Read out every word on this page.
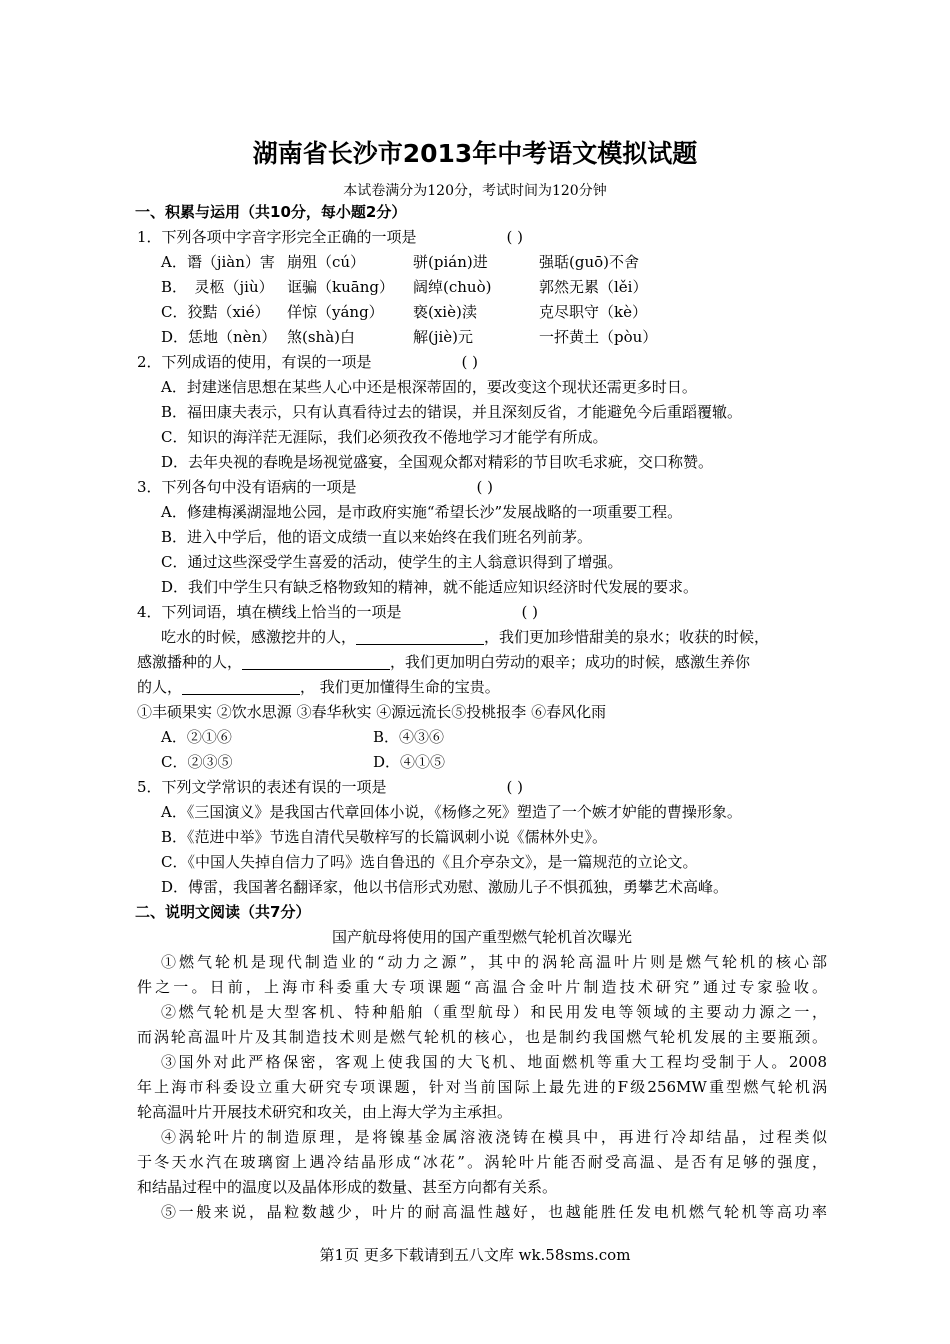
湖南省长沙市2013年中考语文模拟试题
本试卷满分为120分，考试时间为120分钟
一、积累与运用（共10分，每小题2分）
1．下列各项中字音字形完全正确的一项是	( )
A．谮（jiàn）害 崩殂（cú）	骈(pián)进	强聒(guō)不舍
B．　灵柩（jiù） 诓骗（kuāng） 阔绰(chuò)	郭然无累（lěi）
C．狡黠（xié） 佯惊（yáng） 亵(xiè)渎	克尽职守（kè）
D．恁地（nèn） 煞(shà)白	解(jiè)元	一抔黄土（pòu）
2．下列成语的使用，有误的一项是	( )
A．封建迷信思想在某些人心中还是根深蒂固的，要改变这个现状还需更多时日。
B．福田康夫表示，只有认真看待过去的错误，并且深刻反省，才能避免今后重蹈覆辙。
C．知识的海洋茫无涯际，我们必须孜孜不倦地学习才能学有所成。
D．去年央视的春晚是场视觉盛宴，全国观众都对精彩的节目吹毛求疵，交口称赞。
3．下列各句中没有语病的一项是	( )
A．修建梅溪湖湿地公园，是市政府实施“希望长沙”发展战略的一项重要工程。
B．进入中学后，他的语文成绩一直以来始终在我们班名列前茅。
C．通过这些深受学生喜爱的活动，使学生的主人翁意识得到了增强。
D．我们中学生只有缺乏格物致知的精神，就不能适应知识经济时代发展的要求。
4．下列词语，填在横线上恰当的一项是	( )
吃水的时候，感激挖井的人，	，我们更加珍惜甜美的泉水；收获的时候，
感激播种的人，	，我们更加明白劳动的艰辛；成功的时候，感激生养你
的人，	， 我们更加懂得生命的宝贵。
①丰硕果实 ②饮水思源 ③春华秋实 ④源远流长⑤投桃报李 ⑥春风化雨
A．②①⑥	B．④③⑥
C．②③⑤	D．④①⑤
5．下列文学常识的表述有误的一项是	( )
A．《三国演义》是我国古代章回体小说，《杨修之死》塑造了一个嫉才妒能的曹操形象。
B．《范进中举》节选自清代吴敬梓写的长篇讽刺小说《儒林外史》。
C．《中国人失掉自信力了吗》选自鲁迅的《且介亭杂文》，是一篇规范的立论文。
D．傅雷，我国著名翻译家，他以书信形式劝慰、激励儿子不惧孤独，勇攀艺术高峰。
二、说明文阅读（共7分）
国产航母将使用的国产重型燃气轮机首次曝光
①燃气轮机是现代制造业的“动力之源”，其中的涡轮高温叶片则是燃气轮机的核心部
件之一。日前，上海市科委重大专项课题“高温合金叶片制造技术研究”通过专家验收。
②燃气轮机是大型客机、特种船舶（重型航母）和民用发电等领域的主要动力源之一，
而涡轮高温叶片及其制造技术则是燃气轮机的核心，也是制约我国燃气轮机发展的主要瓶颈。
③国外对此严格保密，客观上使我国的大飞机、地面燃机等重大工程均受制于人。2008
年上海市科委设立重大研究专项课题，针对当前国际上最先进的F级256MW重型燃气轮机涡
轮高温叶片开展技术研究和攻关，由上海大学为主承担。
④涡轮叶片的制造原理，是将镍基金属溶液浇铸在模具中，再进行冷却结晶，过程类似
于冬天水汽在玻璃窗上遇冷结晶形成“冰花”。涡轮叶片能否耐受高温、是否有足够的强度，
和结晶过程中的温度以及晶体形成的数量、甚至方向都有关系。
⑤一般来说，晶粒数越少，叶片的耐高温性越好，也越能胜任发电机燃气轮机等高功率
第1页 更多下载请到五八文库 wk.58sms.com
